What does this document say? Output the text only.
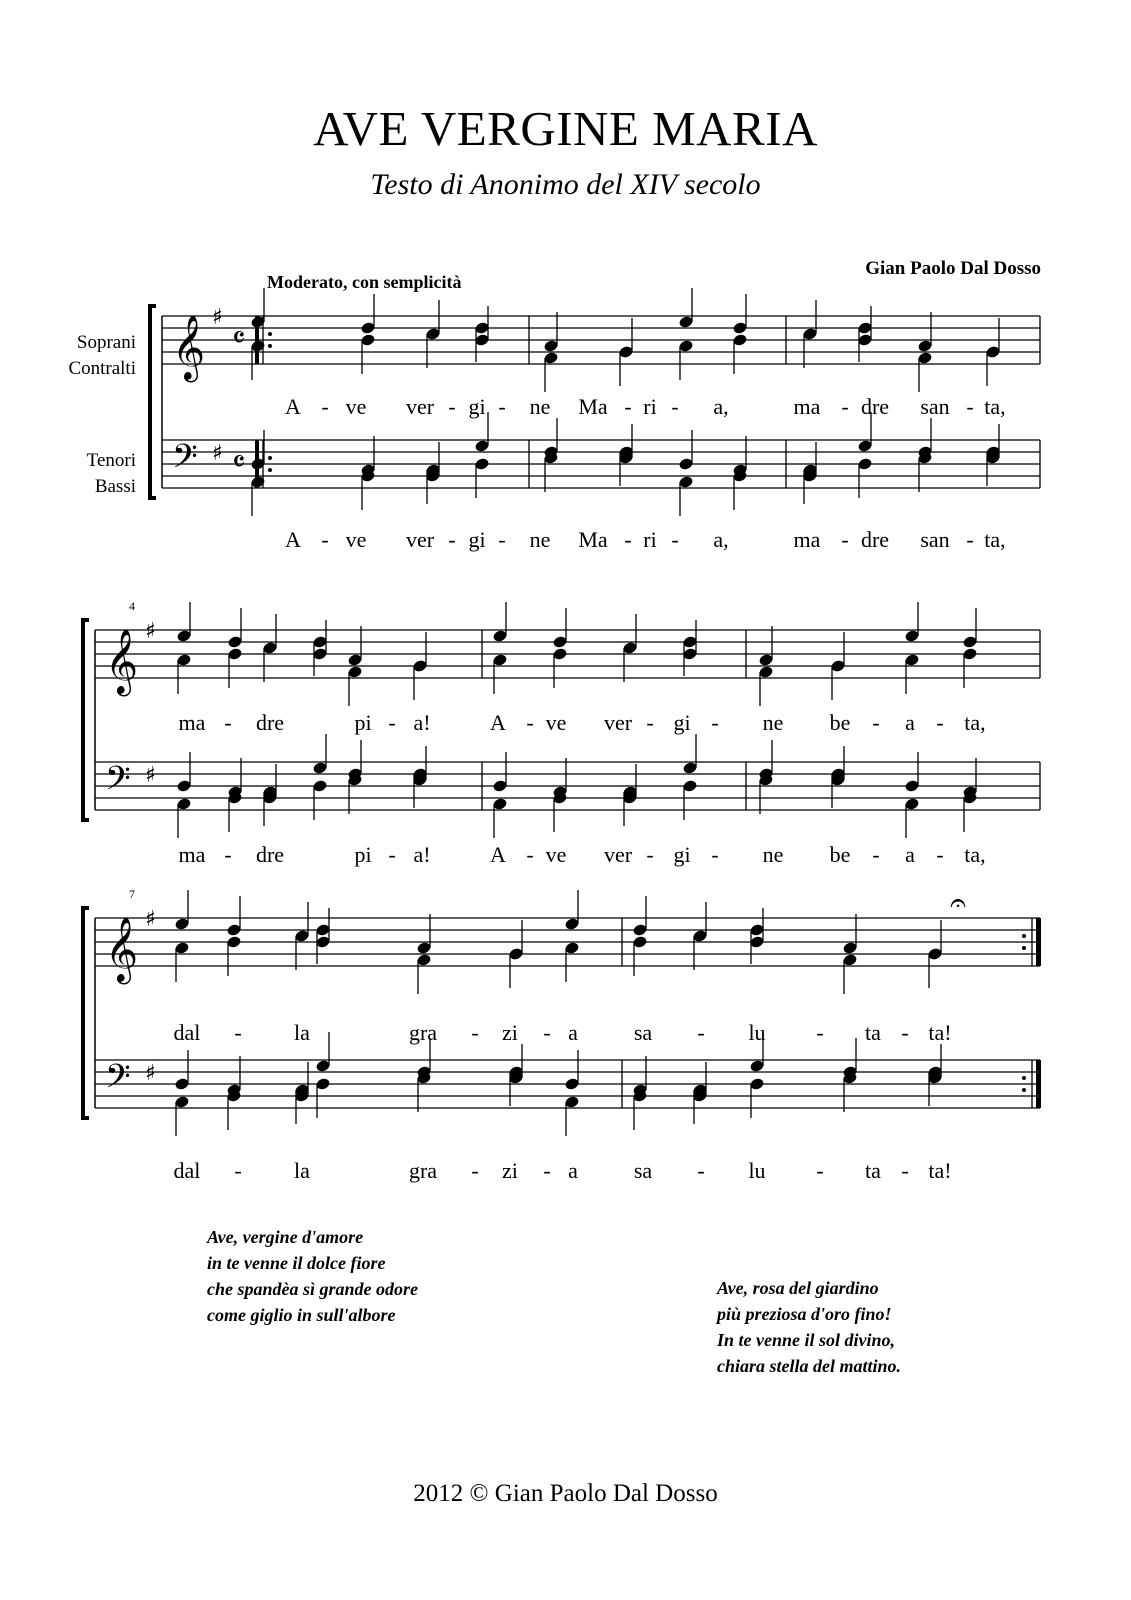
AVE VERGINE MARIA
Testo di Anonimo del XIV secolo
Gian Paolo Dal Dosso
Moderato, con semplicità
Soprani
Contralti
Tenori
Bassi
𝄞 ♯
𝄴
𝄢 ♯ 𝄴
A - ve ver - gi - ne Ma - ri - a,	ma - dre san - ta,
A - ve ver - gi - ne Ma - ri - a,	ma - dre san - ta,
𝄞 ♯
𝄢 ♯
4
ma - dre	pi - a!	A - ve ver - gi - ne be - a - ta,
ma - dre	pi - a!	A - ve ver - gi - ne be - a - ta,
𝄞 ♯
𝄢 ♯
7
dal - la	gra - zi - a	sa - lu - ta - ta!
dal - la	gra - zi - a	sa - lu - ta - ta!
𝄐
Ave, vergine d'amore
in te venne il dolce fiore
che spandèa sì grande odore
come giglio in sull'albore
Ave, rosa del giardino
più preziosa d'oro fino!
In te venne il sol divino,
chiara stella del mattino.
2012 © Gian Paolo Dal Dosso
